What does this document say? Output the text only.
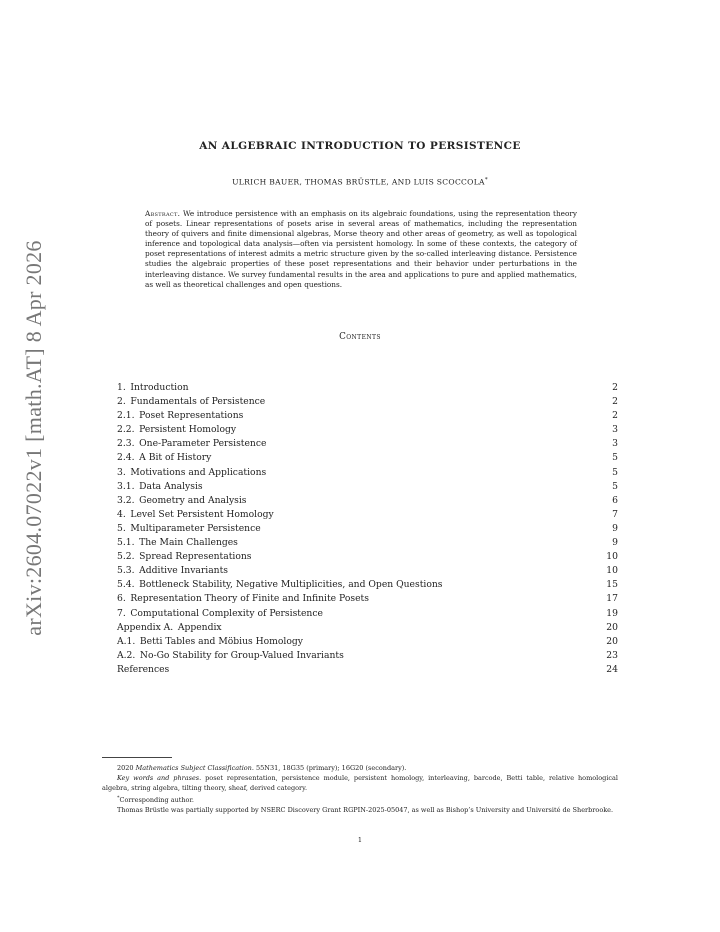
arXiv:2604.07022v1 [math.AT] 8 Apr 2026
AN ALGEBRAIC INTRODUCTION TO PERSISTENCE
ULRICH BAUER, THOMAS BRÜSTLE, AND LUIS SCOCCOLA*
Abstract. We introduce persistence with an emphasis on its algebraic foundations, using the representation theory of posets. Linear representations of posets arise in several areas of mathematics, including the representation theory of quivers and finite dimensional algebras, Morse theory and other areas of geometry, as well as topological inference and topological data analysis—often via persistent homology. In some of these contexts, the category of poset representations of interest admits a metric structure given by the so-called interleaving distance. Persistence studies the algebraic properties of these poset representations and their behavior under perturbations in the interleaving distance. We survey fundamental results in the area and applications to pure and applied mathematics, as well as theoretical challenges and open questions.
Contents
1.  Introduction	2
2.  Fundamentals of Persistence	2
2.1.  Poset Representations	2
2.2.  Persistent Homology	3
2.3.  One-Parameter Persistence	3
2.4.  A Bit of History	5
3.  Motivations and Applications	5
3.1.  Data Analysis	5
3.2.  Geometry and Analysis	6
4.  Level Set Persistent Homology	7
5.  Multiparameter Persistence	9
5.1.  The Main Challenges	9
5.2.  Spread Representations	10
5.3.  Additive Invariants	10
5.4.  Bottleneck Stability, Negative Multiplicities, and Open Questions	15
6.  Representation Theory of Finite and Infinite Posets	17
7.  Computational Complexity of Persistence	19
Appendix A.  Appendix	20
A.1.  Betti Tables and Möbius Homology	20
A.2.  No-Go Stability for Group-Valued Invariants	23
References	24

2020 Mathematics Subject Classification. 55N31, 18G35 (primary); 16G20 (secondary).

Key words and phrases. poset representation, persistence module, persistent homology, interleaving, barcode, Betti table, relative homological algebra, string algebra, tilting theory, sheaf, derived category.

*Corresponding author.

Thomas Brüstle was partially supported by NSERC Discovery Grant RGPIN-2025-05047, as well as Bishop’s University and Université de Sherbrooke.

1
